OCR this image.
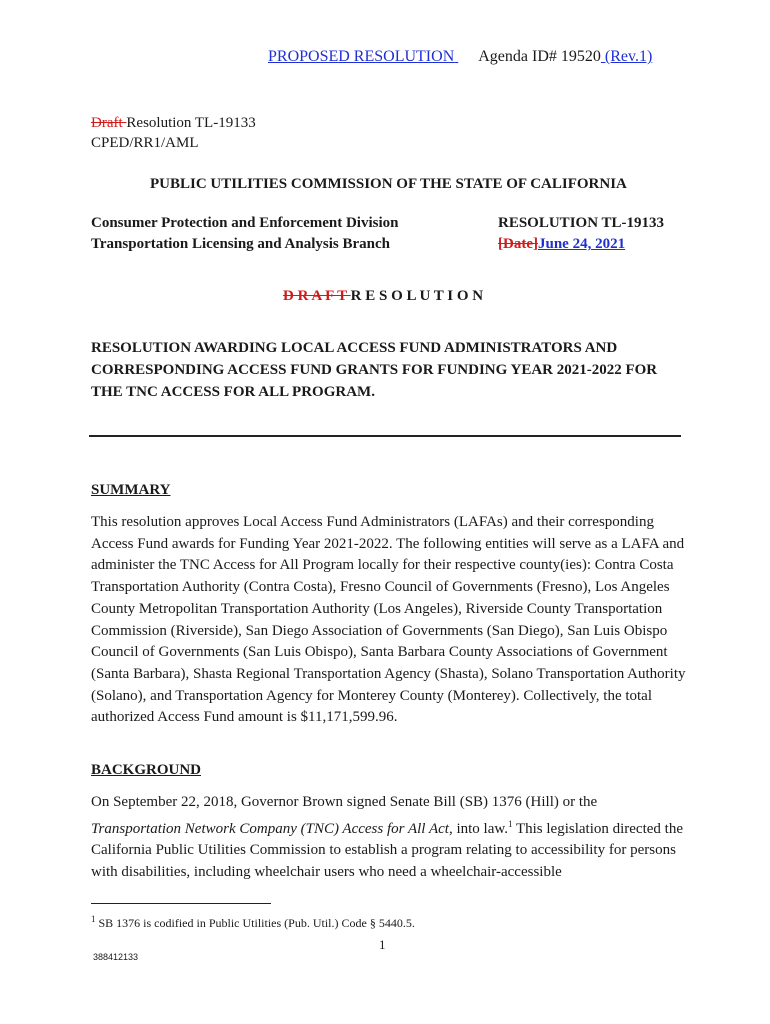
PROPOSED RESOLUTION Agenda ID# 19520 (Rev.1)
Draft Resolution TL-19133
CPED/RR1/AML
PUBLIC UTILITIES COMMISSION OF THE STATE OF CALIFORNIA
Consumer Protection and Enforcement Division
Transportation Licensing and Analysis Branch
RESOLUTION TL-19133
[Date]June 24, 2021
D R A F T R E S O L U T I O N
RESOLUTION AWARDING LOCAL ACCESS FUND ADMINISTRATORS AND CORRESPONDING ACCESS FUND GRANTS FOR FUNDING YEAR 2021-2022 FOR THE TNC ACCESS FOR ALL PROGRAM.
SUMMARY
This resolution approves Local Access Fund Administrators (LAFAs) and their corresponding Access Fund awards for Funding Year 2021-2022. The following entities will serve as a LAFA and administer the TNC Access for All Program locally for their respective county(ies): Contra Costa Transportation Authority (Contra Costa), Fresno Council of Governments (Fresno), Los Angeles County Metropolitan Transportation Authority (Los Angeles), Riverside County Transportation Commission (Riverside), San Diego Association of Governments (San Diego), San Luis Obispo Council of Governments (San Luis Obispo), Santa Barbara County Associations of Government (Santa Barbara), Shasta Regional Transportation Agency (Shasta), Solano Transportation Authority (Solano), and Transportation Agency for Monterey County (Monterey). Collectively, the total authorized Access Fund amount is $11,171,599.96.
BACKGROUND
On September 22, 2018, Governor Brown signed Senate Bill (SB) 1376 (Hill) or the Transportation Network Company (TNC) Access for All Act, into law.$^1$ This legislation directed the California Public Utilities Commission to establish a program relating to accessibility for persons with disabilities, including wheelchair users who need a wheelchair-accessible
$^1$ SB 1376 is codified in Public Utilities (Pub. Util.) Code § 5440.5.
1
388412133
